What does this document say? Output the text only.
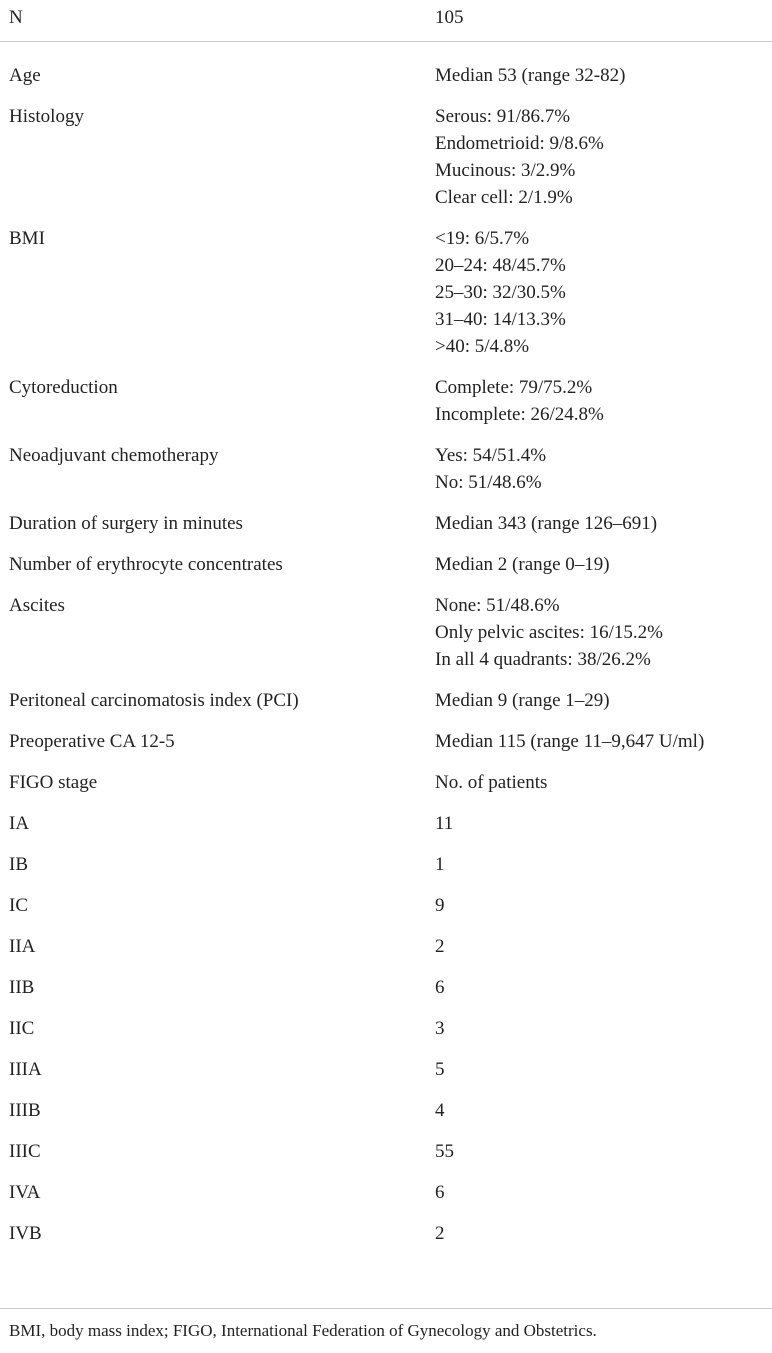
N	105
Age	Median 53 (range 32-82)
Histology	Serous: 91/86.7%
Endometrioid: 9/8.6%
Mucinous: 3/2.9%
Clear cell: 2/1.9%
BMI	<19: 6/5.7%
20–24: 48/45.7%
25–30: 32/30.5%
31–40: 14/13.3%
>40: 5/4.8%
Cytoreduction	Complete: 79/75.2%
Incomplete: 26/24.8%
Neoadjuvant chemotherapy	Yes: 54/51.4%
No: 51/48.6%
Duration of surgery in minutes	Median 343 (range 126–691)
Number of erythrocyte concentrates	Median 2 (range 0–19)
Ascites	None: 51/48.6%
Only pelvic ascites: 16/15.2%
In all 4 quadrants: 38/26.2%
Peritoneal carcinomatosis index (PCI)	Median 9 (range 1–29)
Preoperative CA 12-5	Median 115 (range 11–9,647 U/ml)
FIGO stage	No. of patients
IA	11
IB	1
IC	9
IIA	2
IIB	6
IIC	3
IIIA	5
IIIB	4
IIIC	55
IVA	6
IVB	2
BMI, body mass index; FIGO, International Federation of Gynecology and Obstetrics.
